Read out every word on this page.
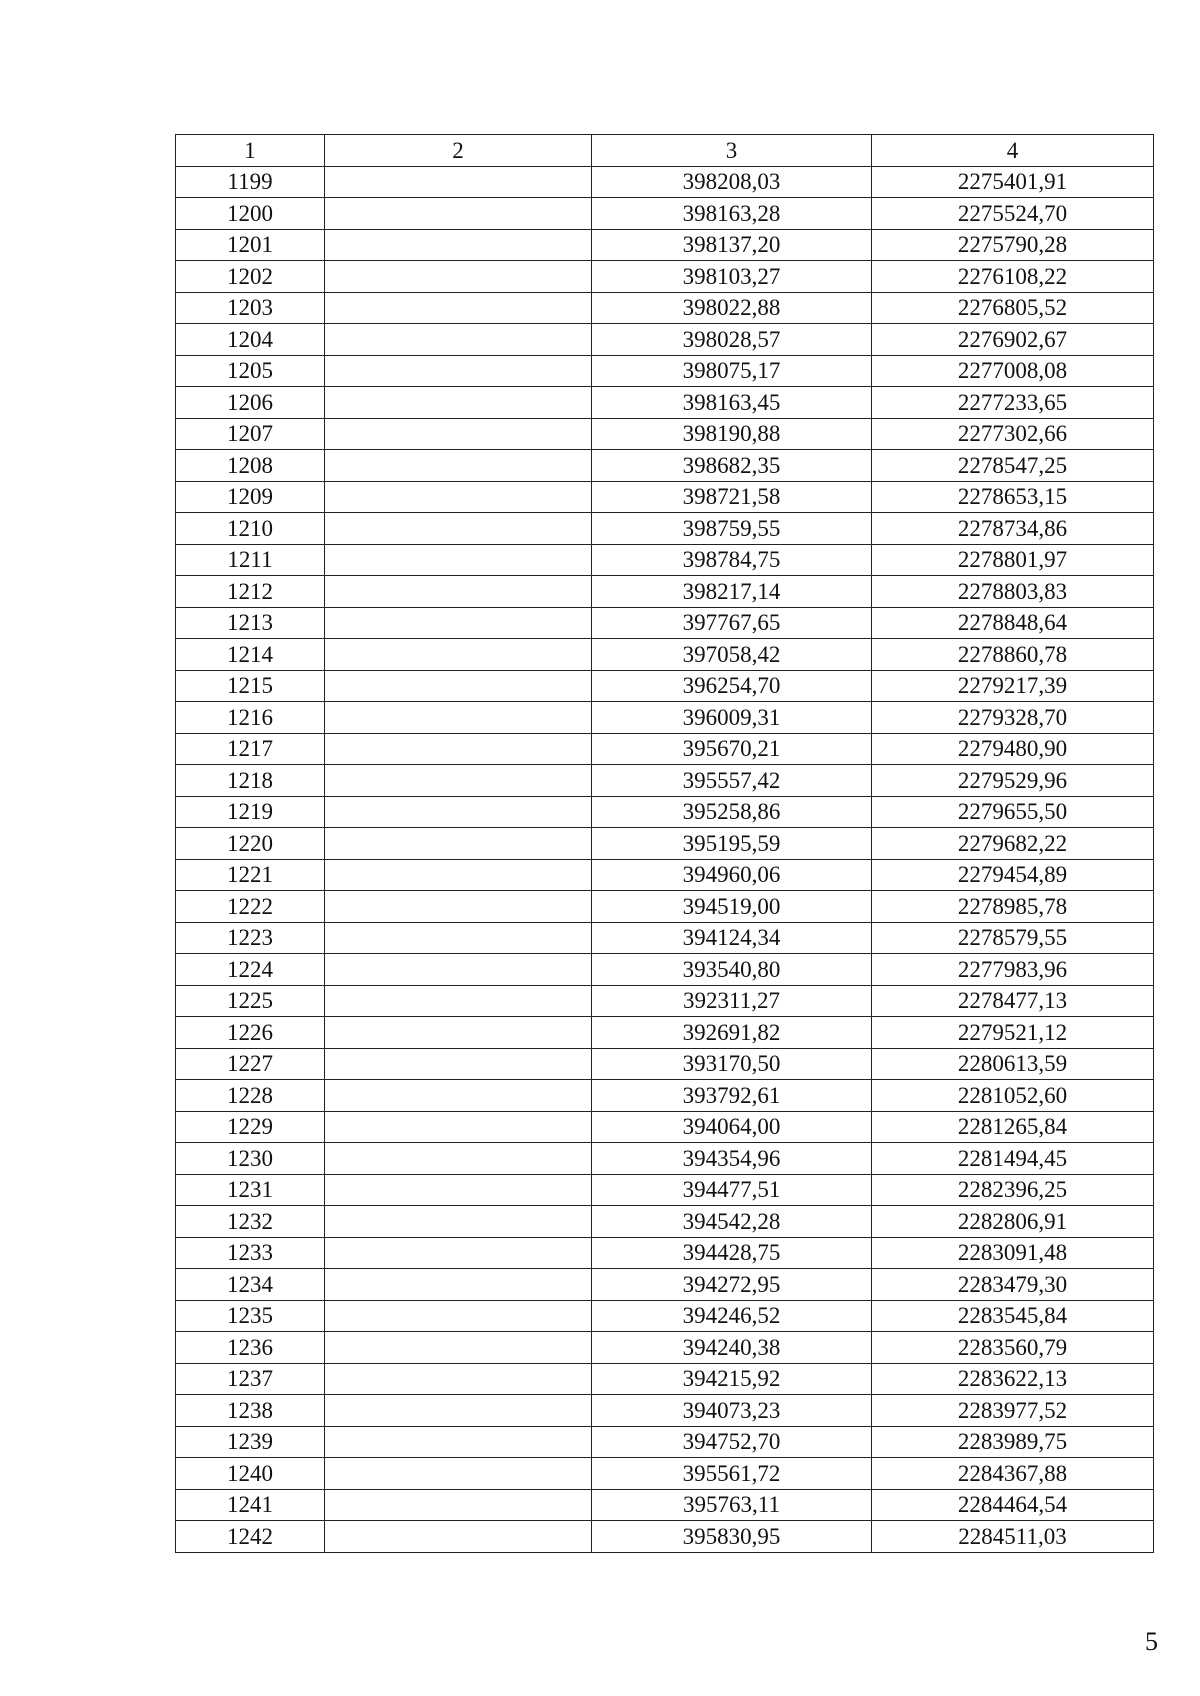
1	2	3	4
1199		398208,03	2275401,91
1200		398163,28	2275524,70
1201		398137,20	2275790,28
1202		398103,27	2276108,22
1203		398022,88	2276805,52
1204		398028,57	2276902,67
1205		398075,17	2277008,08
1206		398163,45	2277233,65
1207		398190,88	2277302,66
1208		398682,35	2278547,25
1209		398721,58	2278653,15
1210		398759,55	2278734,86
1211		398784,75	2278801,97
1212		398217,14	2278803,83
1213		397767,65	2278848,64
1214		397058,42	2278860,78
1215		396254,70	2279217,39
1216		396009,31	2279328,70
1217		395670,21	2279480,90
1218		395557,42	2279529,96
1219		395258,86	2279655,50
1220		395195,59	2279682,22
1221		394960,06	2279454,89
1222		394519,00	2278985,78
1223		394124,34	2278579,55
1224		393540,80	2277983,96
1225		392311,27	2278477,13
1226		392691,82	2279521,12
1227		393170,50	2280613,59
1228		393792,61	2281052,60
1229		394064,00	2281265,84
1230		394354,96	2281494,45
1231		394477,51	2282396,25
1232		394542,28	2282806,91
1233		394428,75	2283091,48
1234		394272,95	2283479,30
1235		394246,52	2283545,84
1236		394240,38	2283560,79
1237		394215,92	2283622,13
1238		394073,23	2283977,52
1239		394752,70	2283989,75
1240		395561,72	2284367,88
1241		395763,11	2284464,54
1242		395830,95	2284511,03
5
